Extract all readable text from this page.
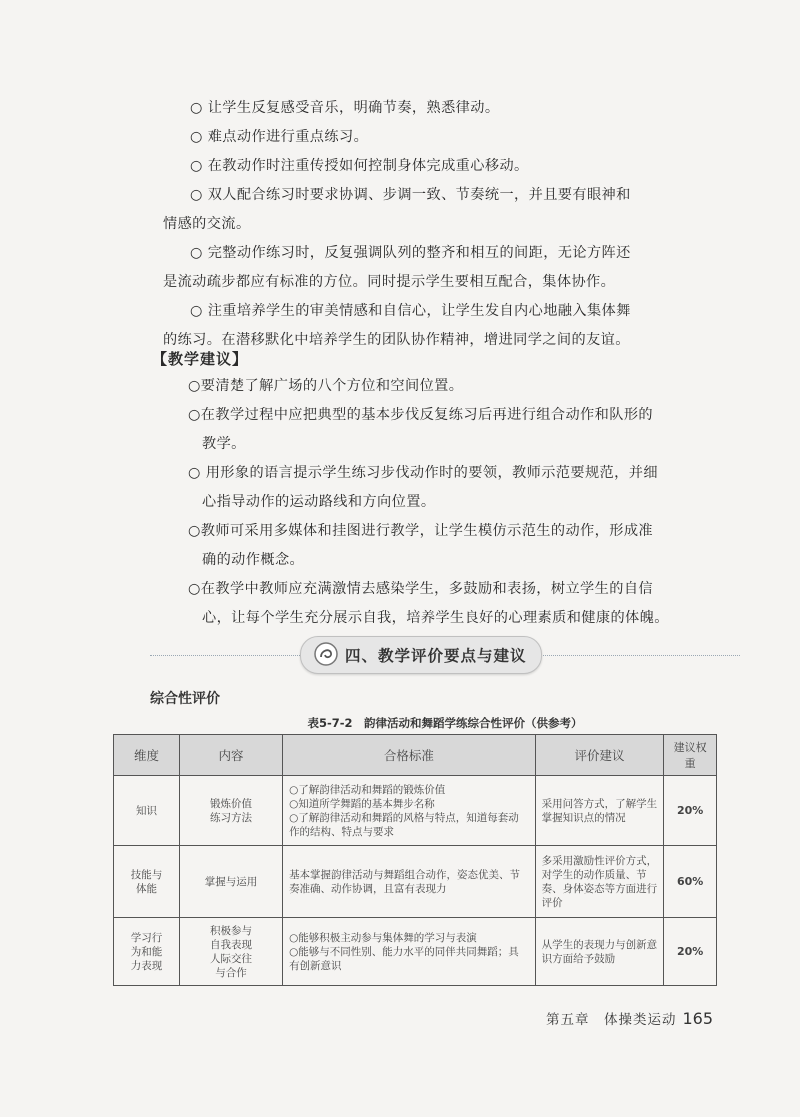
○ 让学生反复感受音乐，明确节奏，熟悉律动。

○ 难点动作进行重点练习。

○ 在教动作时注重传授如何控制身体完成重心移动。

○ 双人配合练习时要求协调、步调一致、节奏统一，并且要有眼神和
情感的交流。
○ 完整动作练习时，反复强调队列的整齐和相互的间距，无论方阵还
是流动疏步都应有标准的方位。同时提示学生要相互配合，集体协作。
○ 注重培养学生的审美情感和自信心，让学生发自内心地融入集体舞
的练习。在潜移默化中培养学生的团队协作精神，增进同学之间的友谊。
【教学建议】
○要清楚了解广场的八个方位和空间位置。
○在教学过程中应把典型的基本步伐反复练习后再进行组合动作和队形的
教学。
○ 用形象的语言提示学生练习步伐动作时的要领，教师示范要规范，并细
心指导动作的运动路线和方向位置。
○教师可采用多媒体和挂图进行教学，让学生模仿示范生的动作，形成准
确的动作概念。
○在教学中教师应充满激情去感染学生，多鼓励和表扬，树立学生的自信
心，让每个学生充分展示自我，培养学生良好的心理素质和健康的体魄。
四、教学评价要点与建议
综合性评价
表5-7-2　韵律活动和舞蹈学练综合性评价（供参考）
维度	内容	合格标准	评价建议	建议权重
知识	锻炼价值
练习方法	○了解韵律活动和舞蹈的锻炼价值
○知道所学舞蹈的基本舞步名称
○了解韵律活动和舞蹈的风格与特点，知道每套动作的结构、特点与要求	采用问答方式，了解学生掌握知识点的情况	20%
技能与
体能	掌握与运用	基本掌握韵律活动与舞蹈组合动作，姿态优美、节奏准确、动作协调，且富有表现力	多采用激励性评价方式，对学生的动作质量、节奏、身体姿态等方面进行评价	60%
学习行
为和能
力表现	积极参与
自我表现
人际交往
与合作	○能够积极主动参与集体舞的学习与表演
○能够与不同性别、能力水平的同伴共同舞蹈；具有创新意识	从学生的表现力与创新意识方面给予鼓励	20%
第五章　体操类运动 165
